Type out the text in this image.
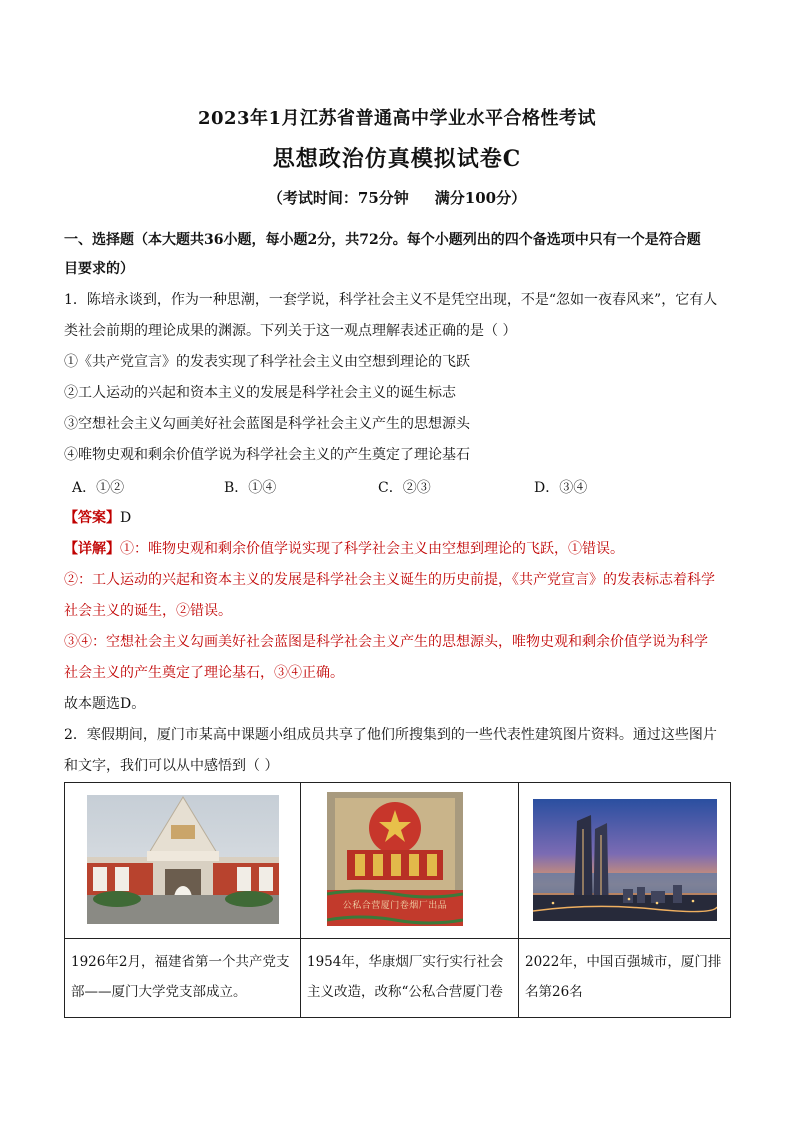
2023年1月江苏省普通高中学业水平合格性考试
思想政治仿真模拟试卷C
（考试时间：75分钟 满分100分）
一、选择题（本大题共36小题，每小题2分，共72分。每个小题列出的四个备选项中只有一个是符合题
目要求的）
1．陈培永谈到，作为一种思潮，一套学说，科学社会主义不是凭空出现，不是“忽如一夜春风来”，它有人
类社会前期的理论成果的渊源。下列关于这一观点理解表述正确的是（ ）
①《共产党宣言》的发表实现了科学社会主义由空想到理论的飞跃
②工人运动的兴起和资本主义的发展是科学社会主义的诞生标志
③空想社会主义勾画美好社会蓝图是科学社会主义产生的思想源头
④唯物史观和剩余价值学说为科学社会主义的产生奠定了理论基石
A．①②	B．①④	C．②③	D．③④
【答案】D
【详解】①：唯物史观和剩余价值学说实现了科学社会主义由空想到理论的飞跃，①错误。
②：工人运动的兴起和资本主义的发展是科学社会主义诞生的历史前提，《共产党宣言》的发表标志着科学
社会主义的诞生，②错误。
③④：空想社会主义勾画美好社会蓝图是科学社会主义产生的思想源头，唯物史观和剩余价值学说为科学
社会主义的产生奠定了理论基石，③④正确。
故本题选D。
2．寒假期间，厦门市某高中课题小组成员共享了他们所搜集到的一些代表性建筑图片资料。通过这些图片
和文字，我们可以从中感悟到（ ）

公私合营厦门卷烟厂出品

1926年2月，福建省第一个共产党支部——厦门大学党支部成立。	1954年，华康烟厂实行实行社会主义改造，改称“公私合营厦门卷	2022年，中国百强城市，厦门排名第26名
